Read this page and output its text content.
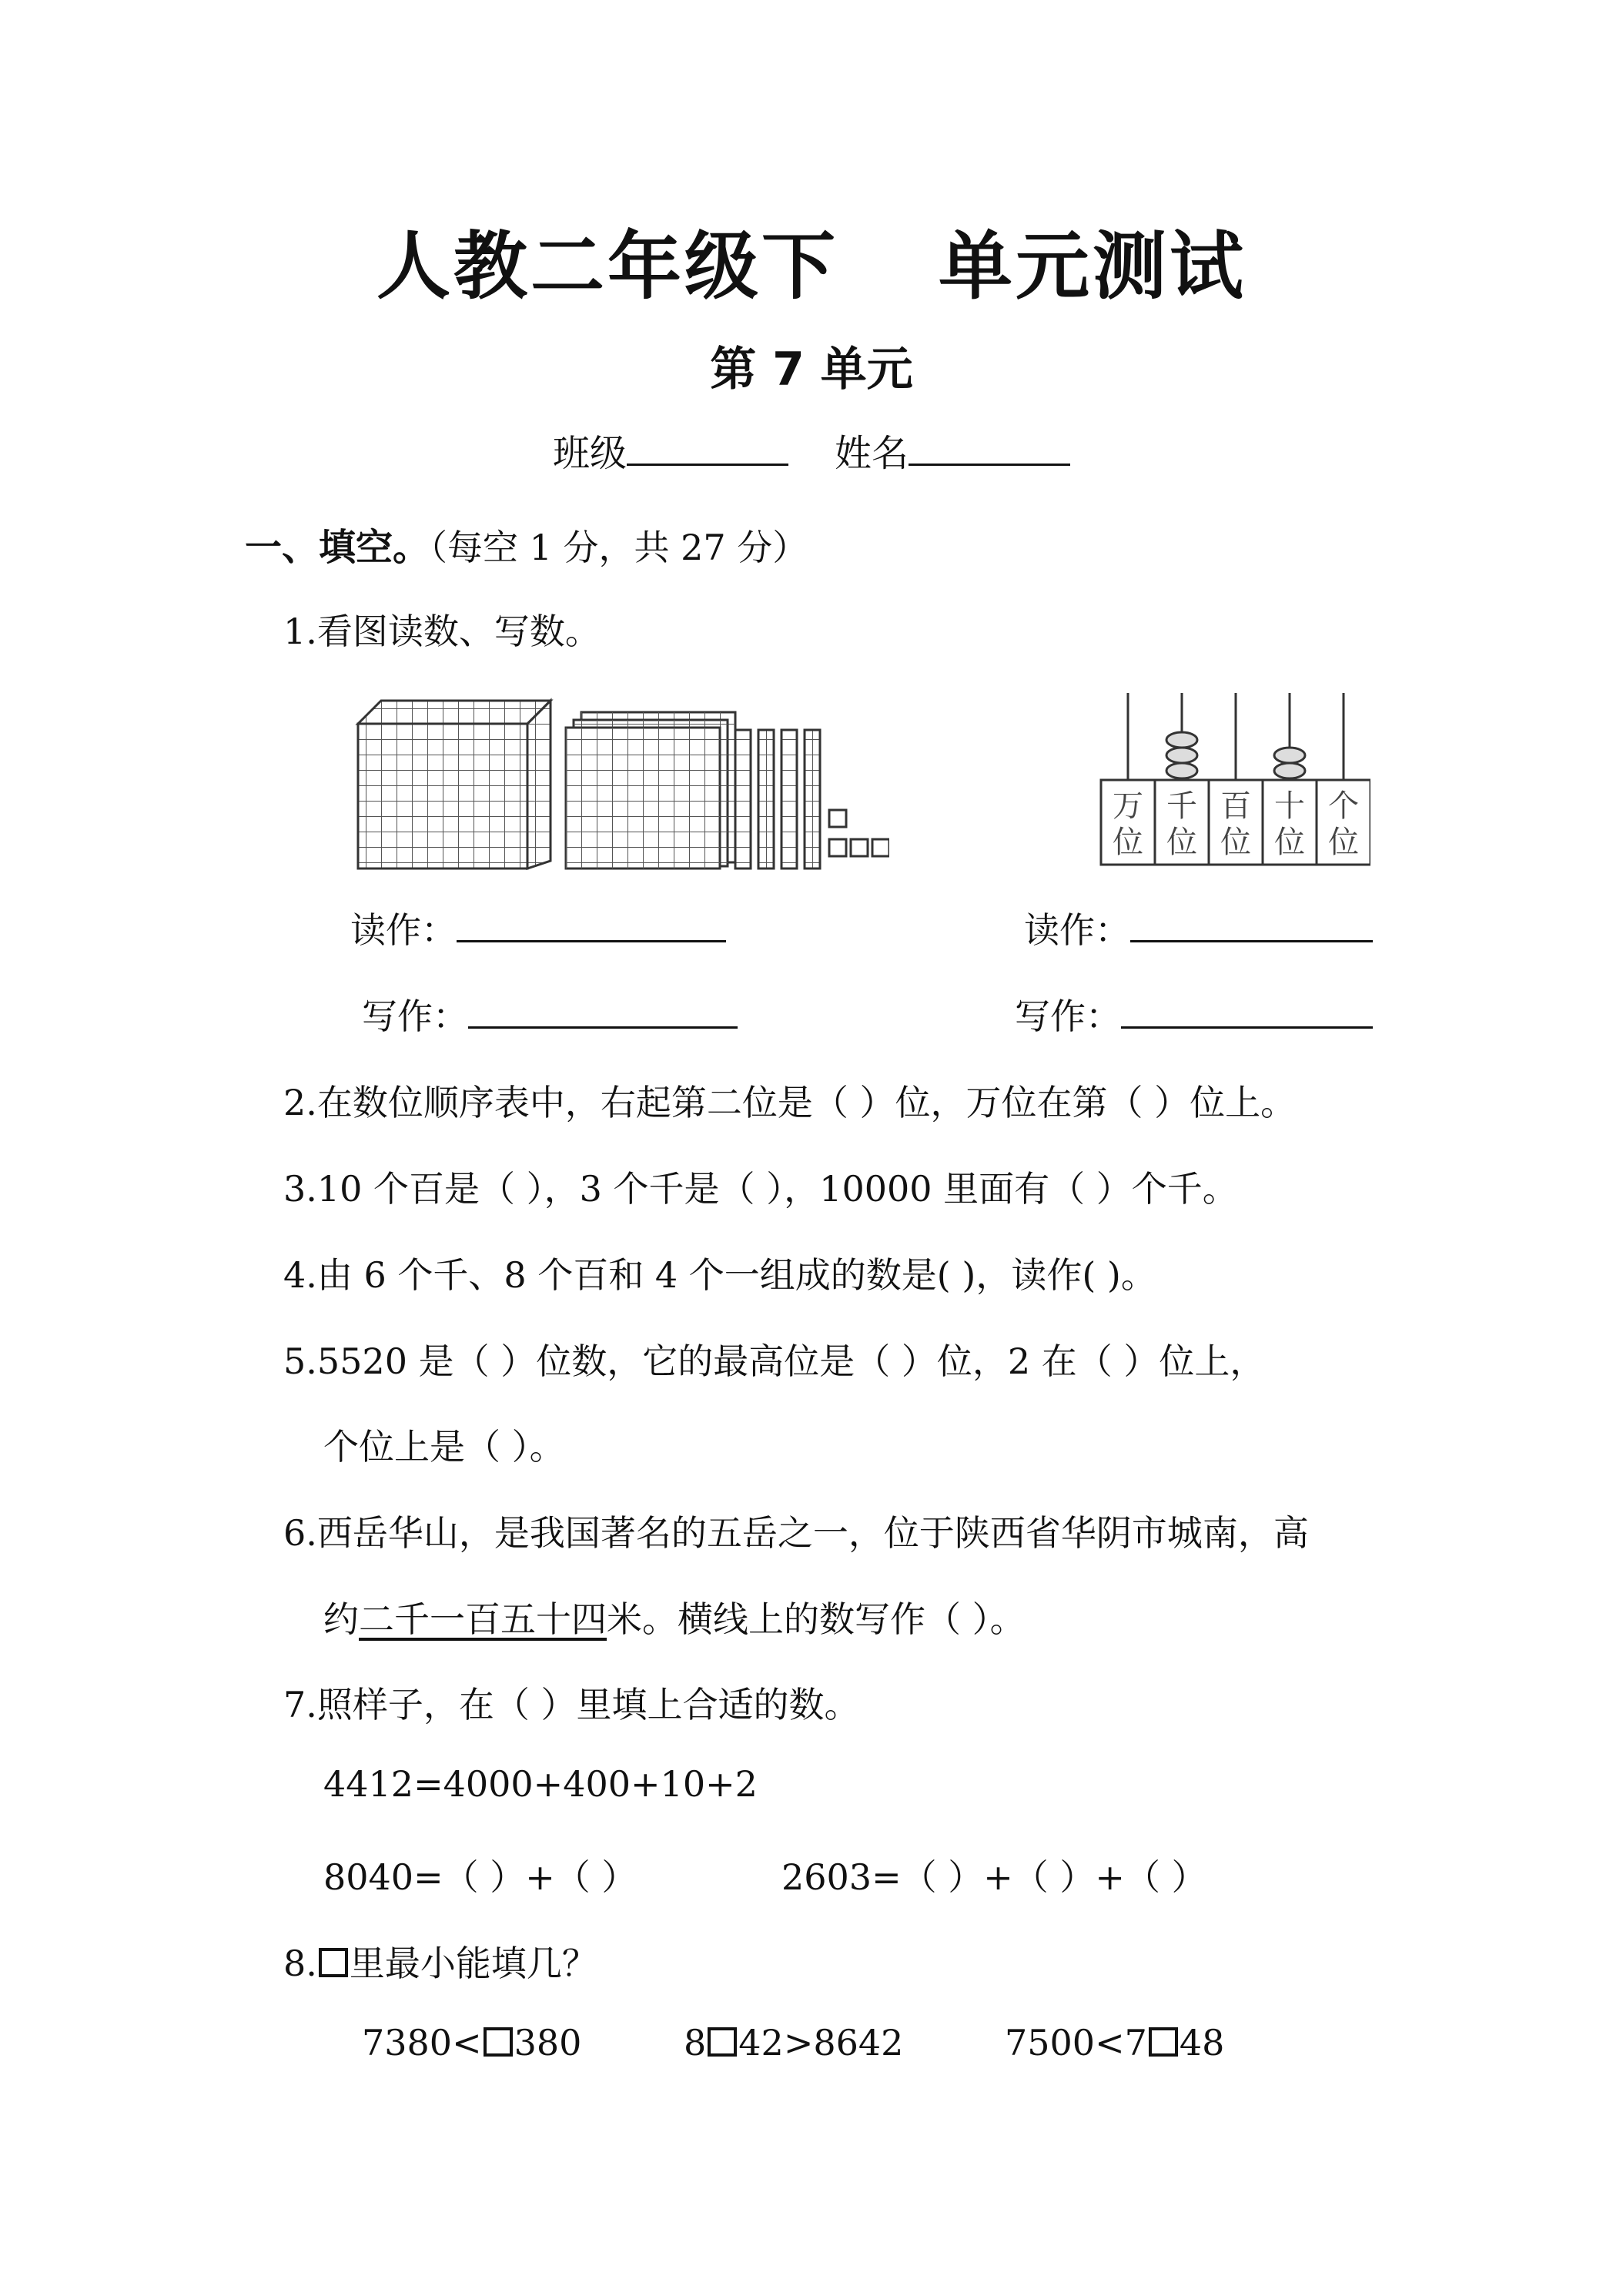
人教二年级下 单元测试
第 7 单元
班级	姓名
一、填空。（每空 1 分，共 27 分）
1.看图读数、写数。
万
位
千
位
百
位
十
位
个
位
读作：	读作：
写作：	写作：
2.在数位顺序表中，右起第二位是（ ）位，万位在第（ ）位上。
3.10 个百是（ ），3 个千是（ ），10000 里面有（ ）个千。
4.由 6 个千、8 个百和 4 个一组成的数是( )，读作( )。
5.5520 是（ ）位数，它的最高位是（ ）位，2 在（ ）位上，
个位上是（ ）。
6.西岳华山，是我国著名的五岳之一，位于陕西省华阴市城南，高
约二千一百五十四米。横线上的数写作（ ）。
7.照样子，在（ ）里填上合适的数。
4412=4000+400+10+2
8040=（ ）+（ ）	2603=（ ）+（ ）+（ ）
8. 里最小能填几？
7380< 380	8 42>8642	7500<7 48
